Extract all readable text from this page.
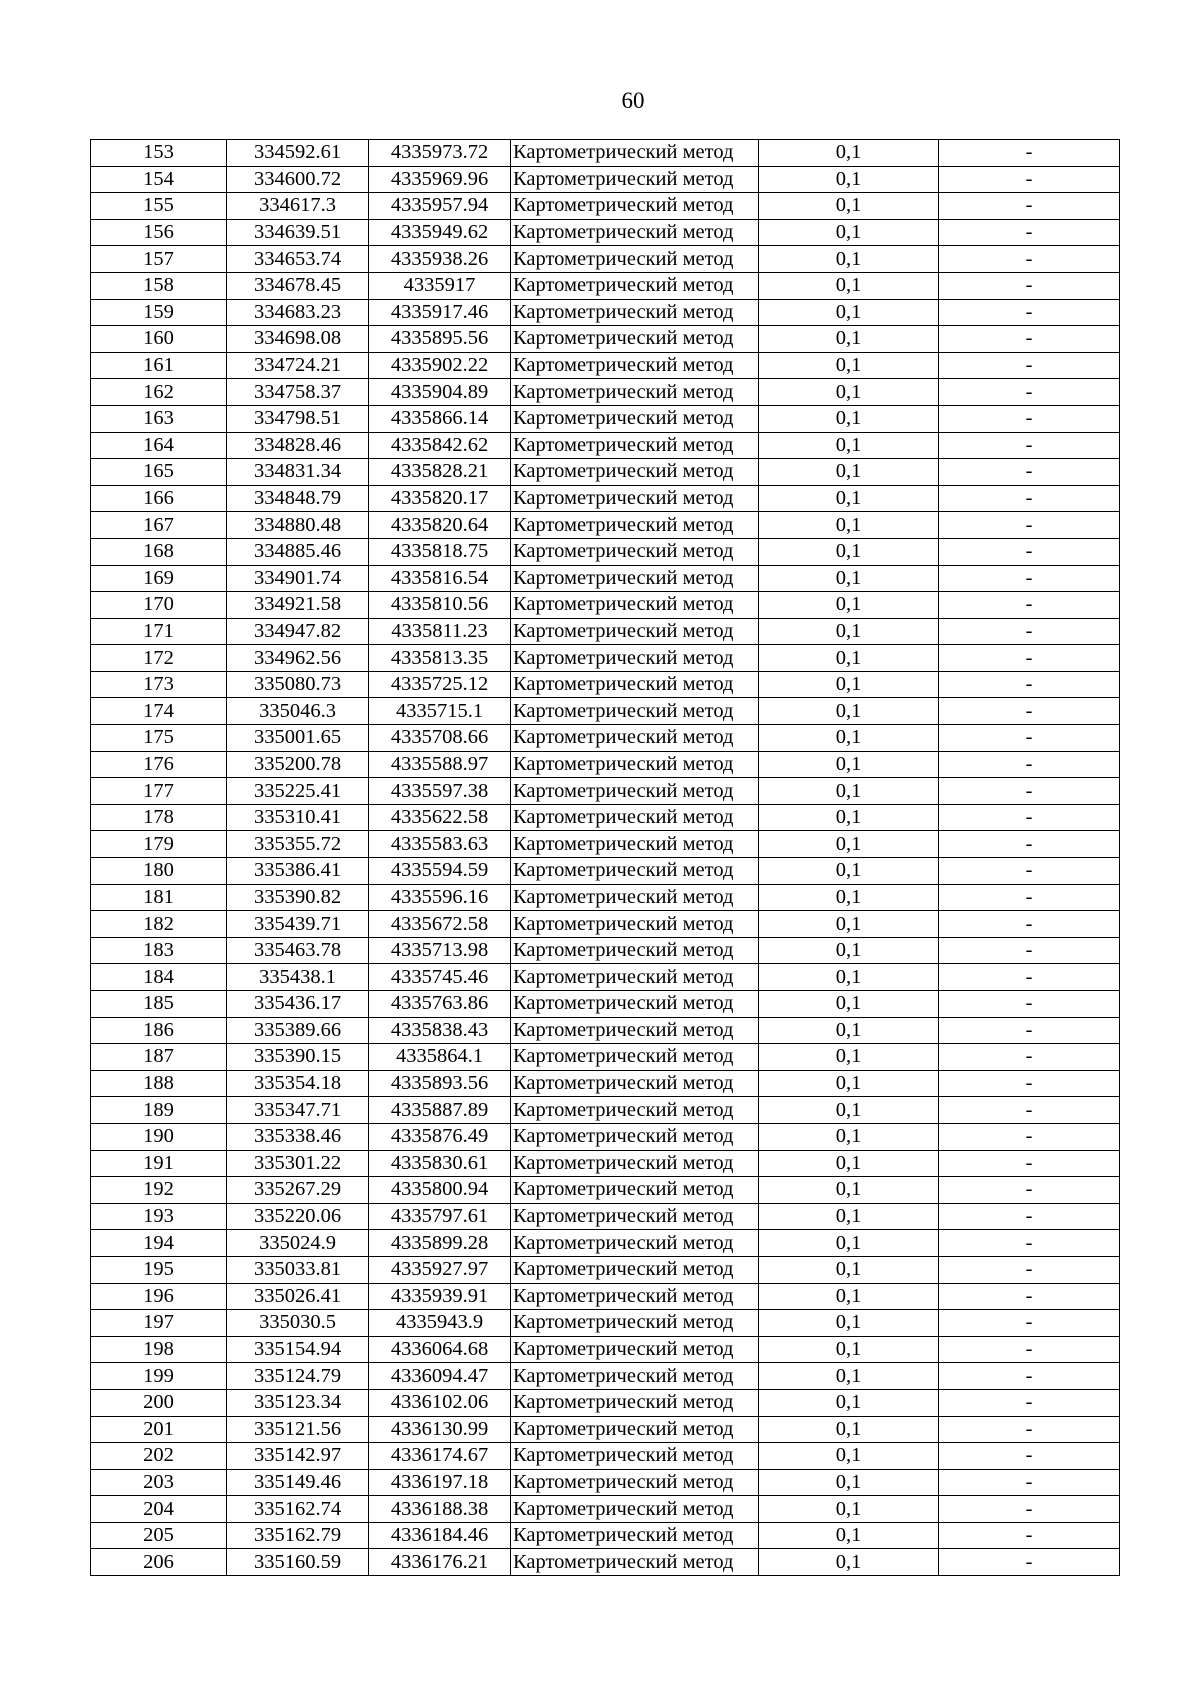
60
153	334592.61	4335973.72	Картометрический метод	0,1	-
154	334600.72	4335969.96	Картометрический метод	0,1	-
155	334617.3	4335957.94	Картометрический метод	0,1	-
156	334639.51	4335949.62	Картометрический метод	0,1	-
157	334653.74	4335938.26	Картометрический метод	0,1	-
158	334678.45	4335917	Картометрический метод	0,1	-
159	334683.23	4335917.46	Картометрический метод	0,1	-
160	334698.08	4335895.56	Картометрический метод	0,1	-
161	334724.21	4335902.22	Картометрический метод	0,1	-
162	334758.37	4335904.89	Картометрический метод	0,1	-
163	334798.51	4335866.14	Картометрический метод	0,1	-
164	334828.46	4335842.62	Картометрический метод	0,1	-
165	334831.34	4335828.21	Картометрический метод	0,1	-
166	334848.79	4335820.17	Картометрический метод	0,1	-
167	334880.48	4335820.64	Картометрический метод	0,1	-
168	334885.46	4335818.75	Картометрический метод	0,1	-
169	334901.74	4335816.54	Картометрический метод	0,1	-
170	334921.58	4335810.56	Картометрический метод	0,1	-
171	334947.82	4335811.23	Картометрический метод	0,1	-
172	334962.56	4335813.35	Картометрический метод	0,1	-
173	335080.73	4335725.12	Картометрический метод	0,1	-
174	335046.3	4335715.1	Картометрический метод	0,1	-
175	335001.65	4335708.66	Картометрический метод	0,1	-
176	335200.78	4335588.97	Картометрический метод	0,1	-
177	335225.41	4335597.38	Картометрический метод	0,1	-
178	335310.41	4335622.58	Картометрический метод	0,1	-
179	335355.72	4335583.63	Картометрический метод	0,1	-
180	335386.41	4335594.59	Картометрический метод	0,1	-
181	335390.82	4335596.16	Картометрический метод	0,1	-
182	335439.71	4335672.58	Картометрический метод	0,1	-
183	335463.78	4335713.98	Картометрический метод	0,1	-
184	335438.1	4335745.46	Картометрический метод	0,1	-
185	335436.17	4335763.86	Картометрический метод	0,1	-
186	335389.66	4335838.43	Картометрический метод	0,1	-
187	335390.15	4335864.1	Картометрический метод	0,1	-
188	335354.18	4335893.56	Картометрический метод	0,1	-
189	335347.71	4335887.89	Картометрический метод	0,1	-
190	335338.46	4335876.49	Картометрический метод	0,1	-
191	335301.22	4335830.61	Картометрический метод	0,1	-
192	335267.29	4335800.94	Картометрический метод	0,1	-
193	335220.06	4335797.61	Картометрический метод	0,1	-
194	335024.9	4335899.28	Картометрический метод	0,1	-
195	335033.81	4335927.97	Картометрический метод	0,1	-
196	335026.41	4335939.91	Картометрический метод	0,1	-
197	335030.5	4335943.9	Картометрический метод	0,1	-
198	335154.94	4336064.68	Картометрический метод	0,1	-
199	335124.79	4336094.47	Картометрический метод	0,1	-
200	335123.34	4336102.06	Картометрический метод	0,1	-
201	335121.56	4336130.99	Картометрический метод	0,1	-
202	335142.97	4336174.67	Картометрический метод	0,1	-
203	335149.46	4336197.18	Картометрический метод	0,1	-
204	335162.74	4336188.38	Картометрический метод	0,1	-
205	335162.79	4336184.46	Картометрический метод	0,1	-
206	335160.59	4336176.21	Картометрический метод	0,1	-
